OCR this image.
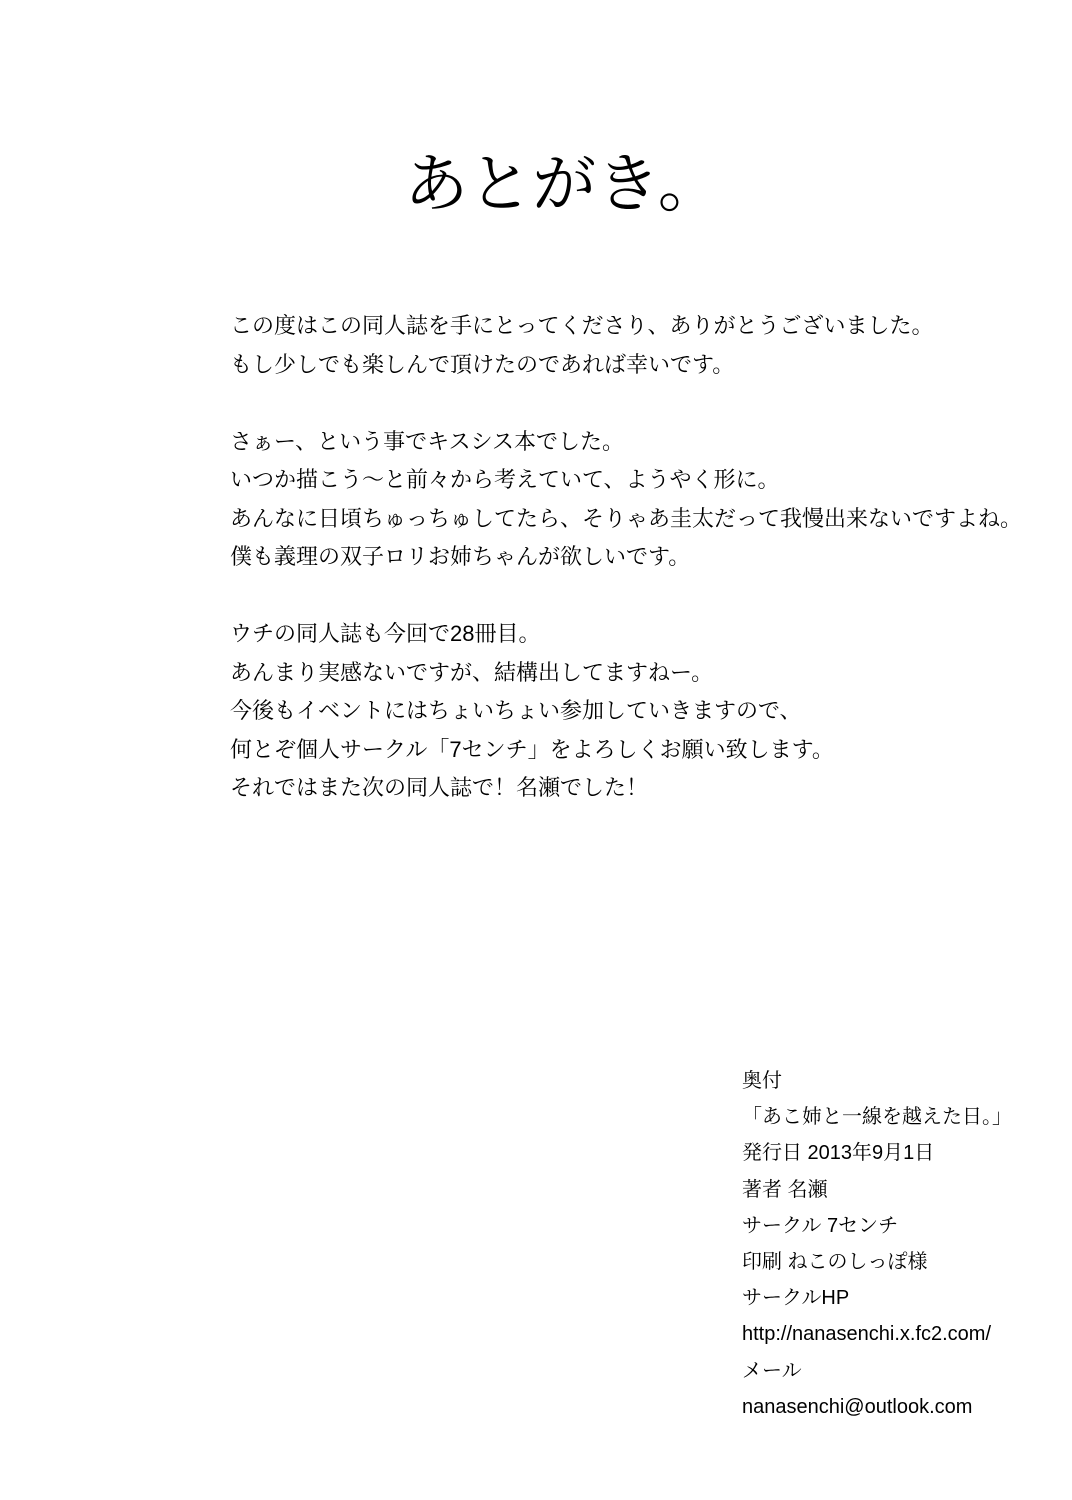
あとがき。
この度はこの同人誌を手にとってくださり、ありがとうございました。
もし少しでも楽しんで頂けたのであれば幸いです。
さぁー、という事でキスシス本でした。
いつか描こう～と前々から考えていて、ようやく形に。
あんなに日頃ちゅっちゅしてたら、そりゃあ圭太だって我慢出来ないですよね。
僕も義理の双子ロリお姉ちゃんが欲しいです。
ウチの同人誌も今回で28冊目。
あんまり実感ないですが、結構出してますねー。
今後もイベントにはちょいちょい参加していきますので、
何とぞ個人サークル「7センチ」をよろしくお願い致します。
それではまた次の同人誌で！名瀬でした！
奥付
「あこ姉と一線を越えた日。」
発行日 2013年9月1日
著者 名瀬
サークル 7センチ
印刷 ねこのしっぽ様
サークルHP
http://nanasenchi.x.fc2.com/
メール
nanasenchi@outlook.com
